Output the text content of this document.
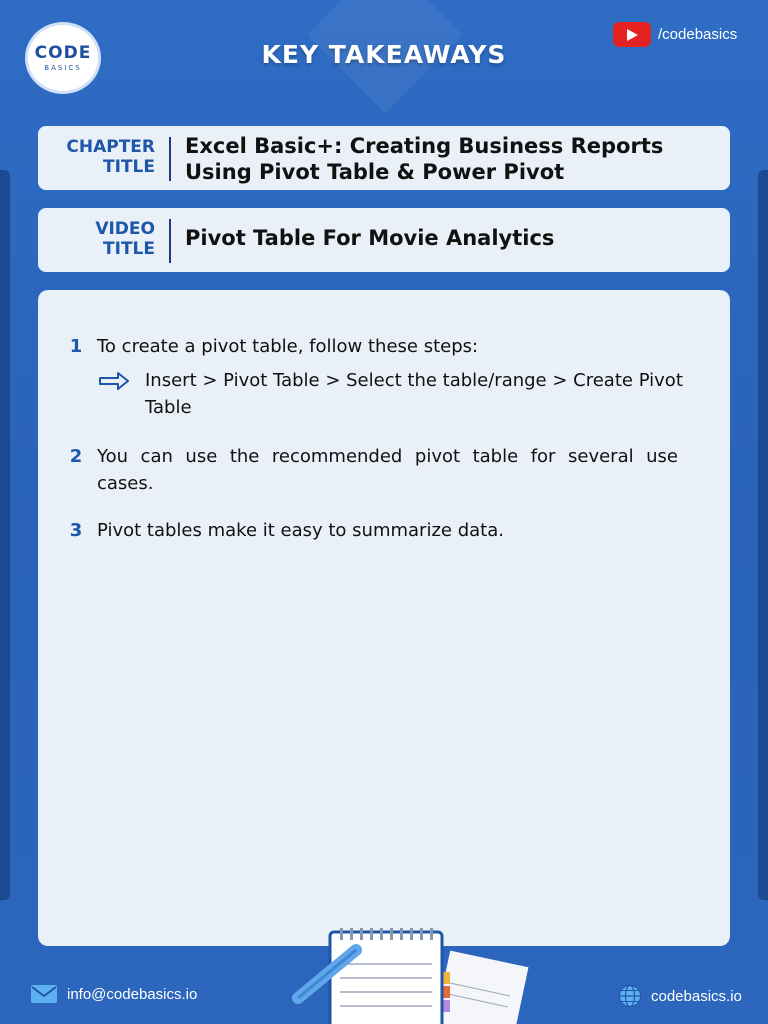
CODE
BASICS	KEY TAKEAWAYS
/codebasics
CHAPTER
TITLE
Excel Basic+: Creating Business Reports
Using Pivot Table & Power Pivot
VIDEO
TITLE Pivot Table For Movie Analytics
1 To create a pivot table, follow these steps:
Insert > Pivot Table > Select the table/range > Create Pivot Table
2 You can use the recommended pivot table for several use cases.
3 Pivot tables make it easy to summarize data.
info@codebasics.io	codebasics.io
